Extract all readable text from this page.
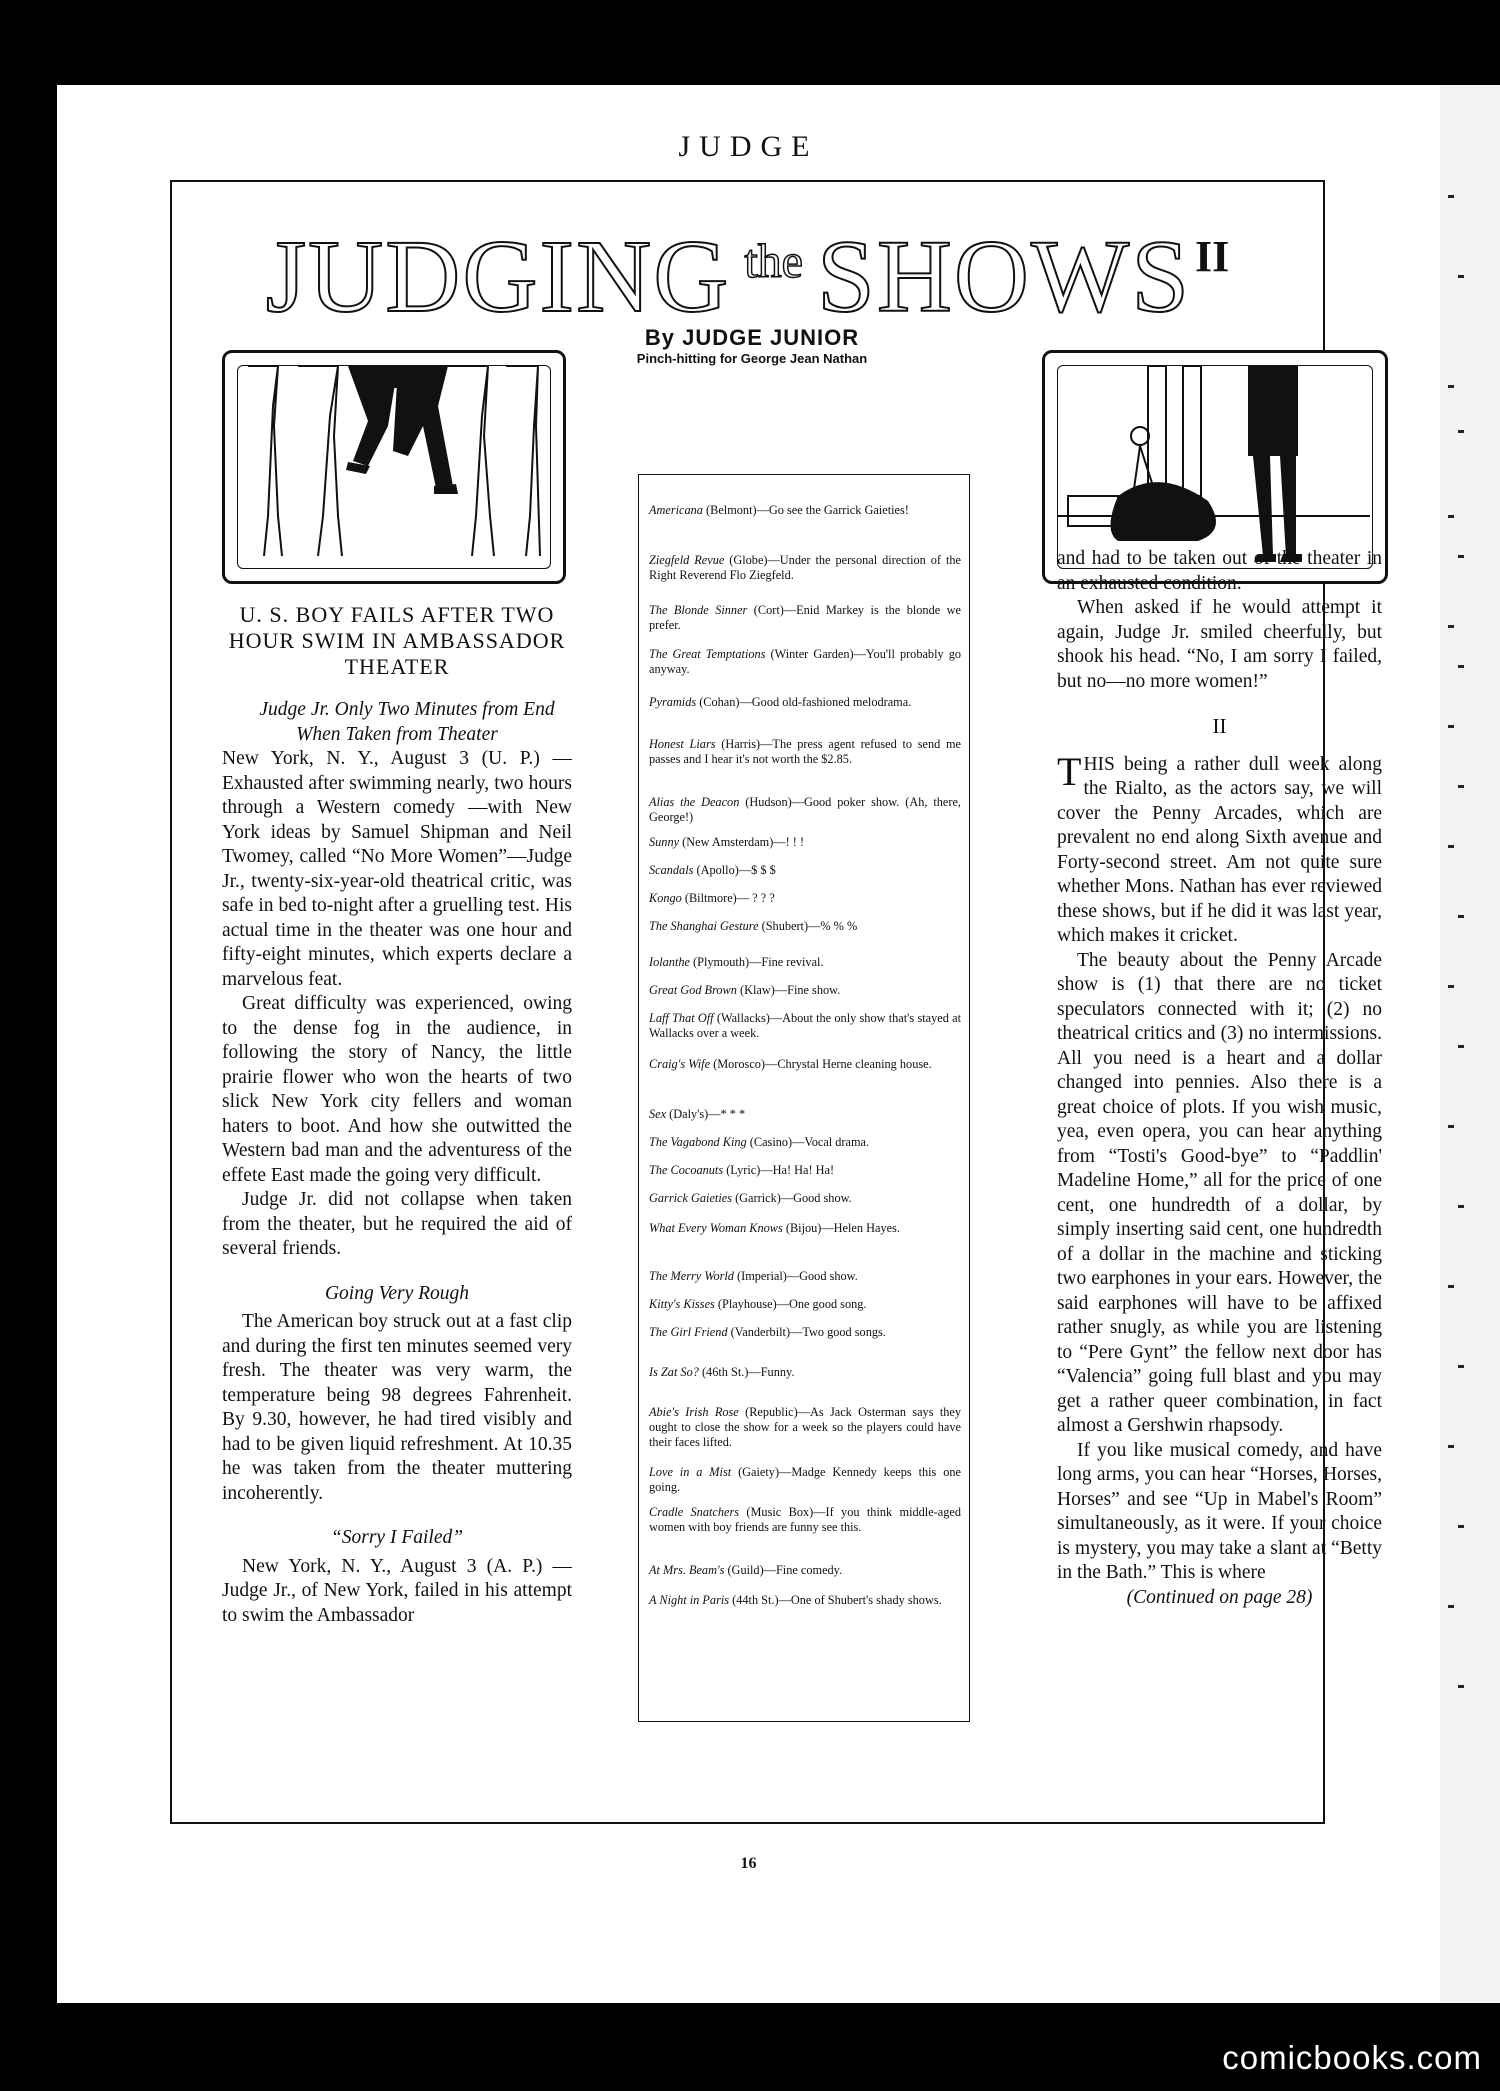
JUDGE
JUDGING the SHOWS II
By JUDGE JUNIOR
Pinch-hitting for George Jean Nathan
U. S. BOY FAILS AFTER TWO HOUR SWIM IN AMBASSADOR THEATER

Judge Jr. Only Two Minutes from End When Taken from Theater

New York, N. Y., August 3 (U. P.) —Exhausted after swimming nearly, two hours through a Western comedy —with New York ideas by Samuel Shipman and Neil Twomey, called “No More Women”—Judge Jr., twenty-six-year-old theatrical critic, was safe in bed to-night after a gruelling test. His actual time in the theater was one hour and fifty-eight minutes, which experts declare a marvelous feat.

Great difficulty was experienced, owing to the dense fog in the audience, in following the story of Nancy, the little prairie flower who won the hearts of two slick New York city fellers and woman haters to boot. And how she outwitted the Western bad man and the adventuress of the effete East made the going very difficult.

Judge Jr. did not collapse when taken from the theater, but he required the aid of several friends.

Going Very Rough

The American boy struck out at a fast clip and during the first ten minutes seemed very fresh. The theater was very warm, the temperature being 98 degrees Fahrenheit. By 9.30, however, he had tired visibly and had to be given liquid refreshment. At 10.35 he was taken from the theater muttering incoherently.

“Sorry I Failed”

New York, N. Y., August 3 (A. P.) —Judge Jr., of New York, failed in his attempt to swim the Ambassador

Americana (Belmont)—Go see the Garrick Gaieties!
Ziegfeld Revue (Globe)—Under the personal direction of the Right Reverend Flo Ziegfeld.
The Blonde Sinner (Cort)—Enid Markey is the blonde we prefer.
The Great Temptations (Winter Garden)—You'll probably go anyway.
Pyramids (Cohan)—Good old-fashioned melodrama.
Honest Liars (Harris)—The press agent refused to send me passes and I hear it's not worth the $2.85.
Alias the Deacon (Hudson)—Good poker show. (Ah, there, George!)
Sunny (New Amsterdam)—! ! !
Scandals (Apollo)—$ $ $
Kongo (Biltmore)— ? ? ?
The Shanghai Gesture (Shubert)—% % %
Iolanthe (Plymouth)—Fine revival.
Great God Brown (Klaw)—Fine show.
Laff That Off (Wallacks)—About the only show that's stayed at Wallacks over a week.
Craig's Wife (Morosco)—Chrystal Herne cleaning house.
Sex (Daly's)—* * *
The Vagabond King (Casino)—Vocal drama.
The Cocoanuts (Lyric)—Ha! Ha! Ha!
Garrick Gaieties (Garrick)—Good show.
What Every Woman Knows (Bijou)—Helen Hayes.
The Merry World (Imperial)—Good show.
Kitty's Kisses (Playhouse)—One good song.
The Girl Friend (Vanderbilt)—Two good songs.
Is Zat So? (46th St.)—Funny.
Abie's Irish Rose (Republic)—As Jack Osterman says they ought to close the show for a week so the players could have their faces lifted.
Love in a Mist (Gaiety)—Madge Kennedy keeps this one going.
Cradle Snatchers (Music Box)—If you think middle-aged women with boy friends are funny see this.
At Mrs. Beam's (Guild)—Fine comedy.
A Night in Paris (44th St.)—One of Shubert's shady shows.

and had to be taken out of the theater in an exhausted condition.

When asked if he would attempt it again, Judge Jr. smiled cheerfully, but shook his head. “No, I am sorry I failed, but no—no more women!”

II

THIS being a rather dull week along the Rialto, as the actors say, we will cover the Penny Arcades, which are prevalent no end along Sixth avenue and Forty-second street. Am not quite sure whether Mons. Nathan has ever reviewed these shows, but if he did it was last year, which makes it cricket.

The beauty about the Penny Arcade show is (1) that there are no ticket speculators connected with it; (2) no theatrical critics and (3) no intermissions. All you need is a heart and a dollar changed into pennies. Also there is a great choice of plots. If you wish music, yea, even opera, you can hear anything from “Tosti's Good-bye” to “Paddlin' Madeline Home,” all for the price of one cent, one hundredth of a dollar, by simply inserting said cent, one hundredth of a dollar in the machine and sticking two earphones in your ears. However, the said earphones will have to be affixed rather snugly, as while you are listening to “Pere Gynt” the fellow next door has “Valencia” going full blast and you may get a rather queer combination, in fact almost a Gershwin rhapsody.

If you like musical comedy, and have long arms, you can hear “Horses, Horses, Horses” and see “Up in Mabel's Room” simultaneously, as it were. If your choice is mystery, you may take a slant at “Betty in the Bath.” This is where

(Continued on page 28)

16
comicbooks.com
